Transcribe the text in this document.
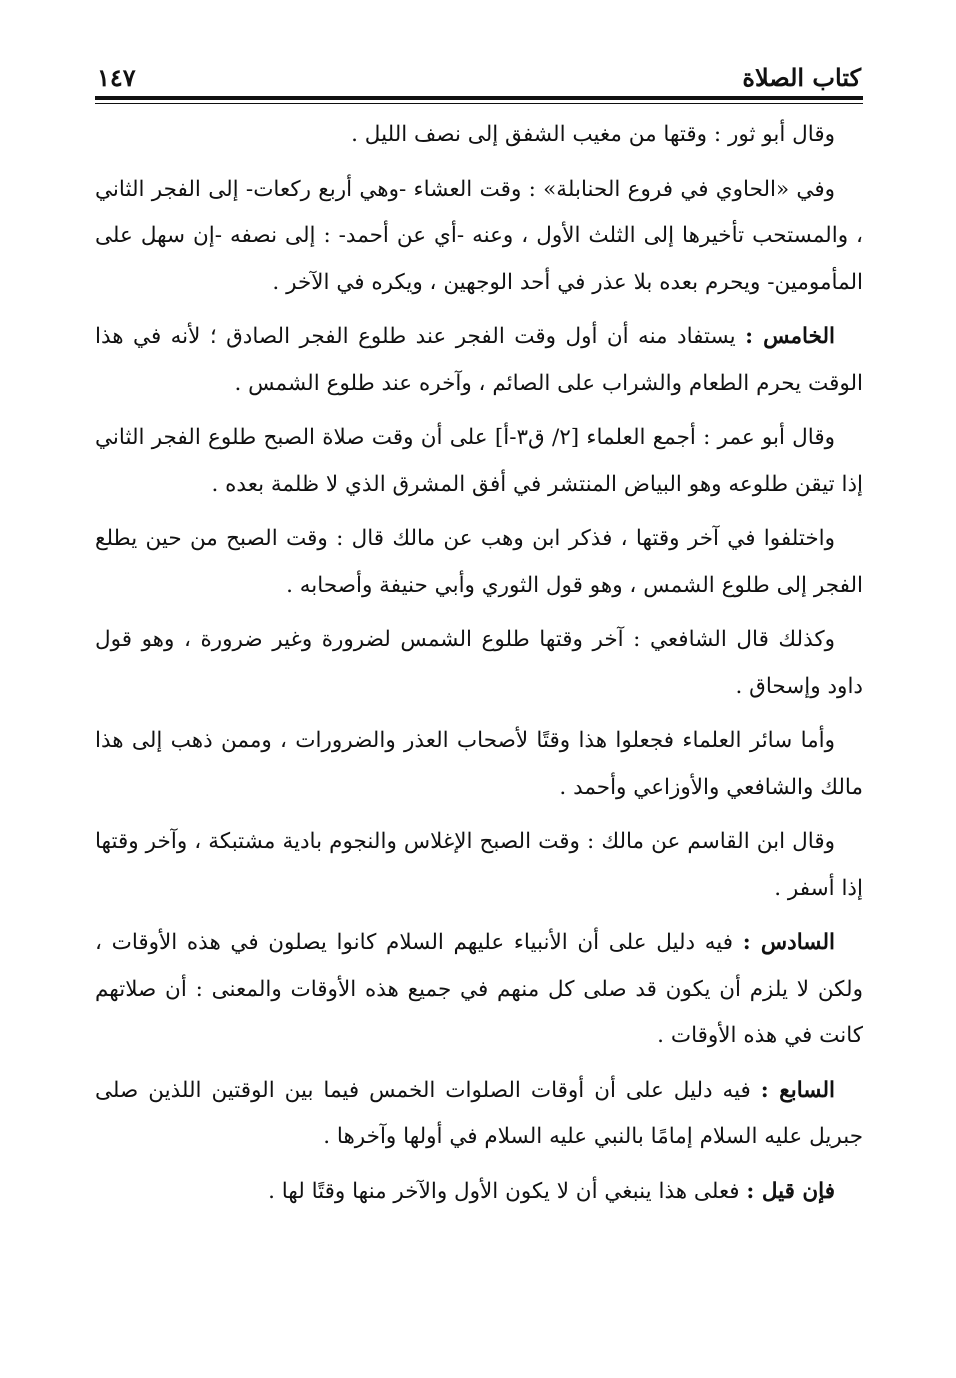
كتاب الصلاة
١٤٧

وقال أبو ثور : وقتها من مغيب الشفق إلى نصف الليل .

وفي «الحاوي في فروع الحنابلة» : وقت العشاء -وهي أربع ركعات- إلى الفجر الثاني ، والمستحب تأخيرها إلى الثلث الأول ، وعنه -أي عن أحمد- : إلى نصفه -إن سهل على المأمومين- ويحرم بعده بلا عذر في أحد الوجهين ، ويكره في الآخر .

الخامس : يستفاد منه أن أول وقت الفجر عند طلوع الفجر الصادق ؛ لأنه في هذا الوقت يحرم الطعام والشراب على الصائم ، وآخره عند طلوع الشمس .

وقال أبو عمر : أجمع العلماء [٢/ ق٣-أ] على أن وقت صلاة الصبح طلوع الفجر الثاني إذا تيقن طلوعه وهو البياض المنتشر في أفق المشرق الذي لا ظلمة بعده .

واختلفوا في آخر وقتها ، فذكر ابن وهب عن مالك قال : وقت الصبح من حين يطلع الفجر إلى طلوع الشمس ، وهو قول الثوري وأبي حنيفة وأصحابه .

وكذلك قال الشافعي : آخر وقتها طلوع الشمس لضرورة وغير ضرورة ، وهو قول داود وإسحاق .

وأما سائر العلماء فجعلوا هذا وقتًا لأصحاب العذر والضرورات ، وممن ذهب إلى هذا مالك والشافعي والأوزاعي وأحمد .

وقال ابن القاسم عن مالك : وقت الصبح الإغلاس والنجوم بادية مشتبكة ، وآخر وقتها إذا أسفر .

السادس : فيه دليل على أن الأنبياء عليهم السلام كانوا يصلون في هذه الأوقات ، ولكن لا يلزم أن يكون قد صلى كل منهم في جميع هذه الأوقات والمعنى : أن صلاتهم كانت في هذه الأوقات .

السابع : فيه دليل على أن أوقات الصلوات الخمس فيما بين الوقتين اللذين صلى جبريل عليه السلام إمامًا بالنبي عليه السلام في أولها وآخرها .

فإن قيل : فعلى هذا ينبغي أن لا يكون الأول والآخر منها وقتًا لها .
